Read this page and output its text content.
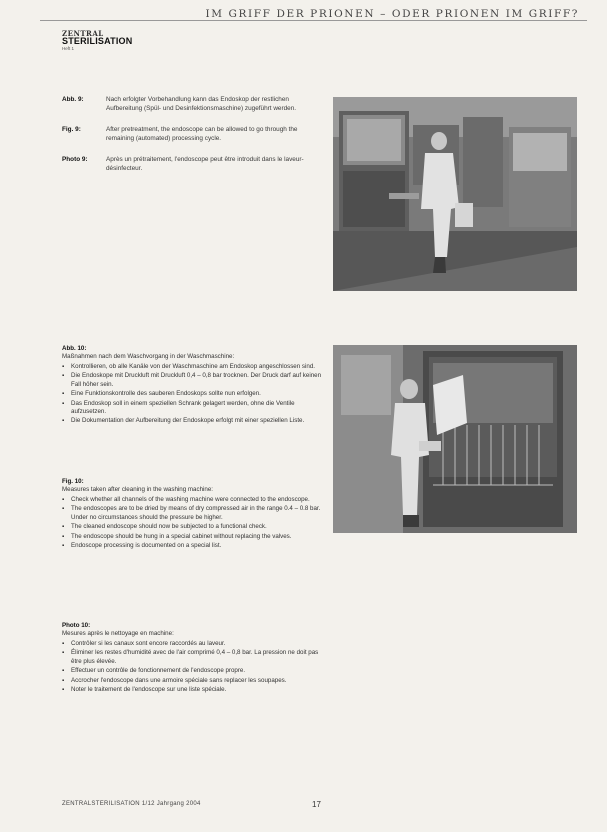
IM GRIFF DER PRIONEN – ODER PRIONEN IM GRIFF?
ZENTRAL
STERILISATION
Heft 1
Abb. 9:	Nach erfolgter Vorbehandlung kann das Endoskop der restlichen Aufbereitung (Spül- und Desinfektionsmaschine) zugeführt werden.
Fig. 9:	After pretreatment, the endoscope can be allowed to go through the remaining (automated) processing cycle.
Photo 9:	Après un prétraitement, l'endoscope peut être introduit dans le laveur-désinfecteur.
Abb. 10:
Maßnahmen nach dem Waschvorgang in der Waschmaschine:
▪ Kontrollieren, ob alle Kanäle von der Waschmaschine am Endoskop angeschlossen sind.
▪ Die Endoskope mit Druckluft mit Druckluft 0,4 – 0,8 bar trocknen. Der Druck darf auf keinen Fall höher sein.
▪ Eine Funktionskontrolle des sauberen Endoskops sollte nun erfolgen.
▪ Das Endoskop soll in einem speziellen Schrank gelagert werden, ohne die Ventile aufzusetzen.
▪ Die Dokumentation der Aufbereitung der Endoskope erfolgt mit einer speziellen Liste.
Fig. 10:
Measures taken after cleaning in the washing machine:
▪ Check whether all channels of the washing machine were connected to the endoscope.
▪ The endoscopes are to be dried by means of dry compressed air in the range 0.4 – 0.8 bar. Under no circumstances should the pressure be higher.
▪ The cleaned endoscope should now be subjected to a functional check.
▪ The endoscope should be hung in a special cabinet without replacing the valves.
▪ Endoscope processing is documented on a special list.
Photo 10:
Mesures après le nettoyage en machine:
▪ Contrôler si les canaux sont encore raccordés au laveur.
▪ Éliminer les restes d'humidité avec de l'air comprimé 0,4 – 0,8 bar. La pression ne doit pas être plus élevée.
▪ Effectuer un contrôle de fonctionnement de l'endoscope propre.
▪ Accrocher l'endoscope dans une armoire spéciale sans replacer les soupapes.
▪ Noter le traitement de l'endoscope sur une liste spéciale.
ZENTRALSTERILISATION 1/12 Jahrgang 2004	17
